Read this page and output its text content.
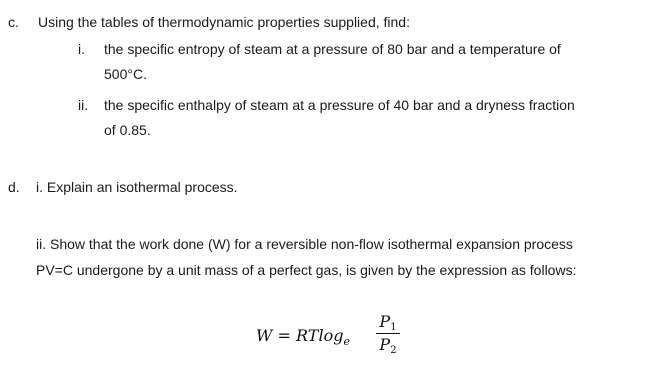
c. Using the tables of thermodynamic properties supplied, find:
i. the specific entropy of steam at a pressure of 80 bar and a temperature of
500°C.
ii. the specific enthalpy of steam at a pressure of 40 bar and a dryness fraction
of 0.85.
d. i. Explain an isothermal process.
ii. Show that the work done (W) for a reversible non-flow isothermal expansion process
PV=C undergone by a unit mass of a perfect gas, is given by the expression as follows:
W = RTlog$_e$
P1
P2
